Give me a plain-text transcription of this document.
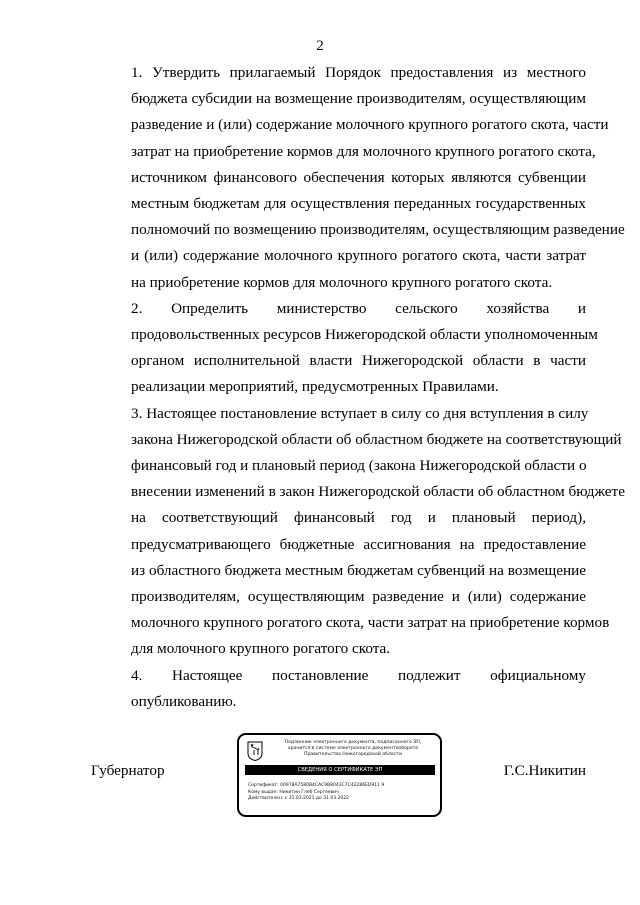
2

1. Утвердить прилагаемый Порядок предоставления из местного
бюджета субсидии на возмещение производителям, осуществляющим
разведение и (или) содержание молочного крупного рогатого скота, части
затрат на приобретение кормов для молочного крупного рогатого скота,
источником финансового обеспечения которых являются субвенции
местным бюджетам для осуществления переданных государственных
полномочий по возмещению производителям, осуществляющим разведение
и (или) содержание молочного крупного рогатого скота, части затрат
на приобретение кормов для молочного крупного рогатого скота.

2. Определить министерство сельского хозяйства и
продовольственных ресурсов Нижегородской области уполномоченным
органом исполнительной власти Нижегородской области в части
реализации мероприятий, предусмотренных Правилами.

3. Настоящее постановление вступает в силу со дня вступления в силу
закона Нижегородской области об областном бюджете на соответствующий
финансовый год и плановый период (закона Нижегородской области о
внесении изменений в закон Нижегородской области об областном бюджете
на соответствующий финансовый год и плановый период),
предусматривающего бюджетные ассигнования на предоставление
из областного бюджета местным бюджетам субвенций на возмещение
производителям, осуществляющим разведение и (или) содержание
молочного крупного рогатого скота, части затрат на приобретение кормов
для молочного крупного рогатого скота.

4. Настоящее постановление подлежит официальному
опубликованию.

Губернатор	Г.С.Никитин
Подлинник электронного документа, подписанного ЭП,
хранится в системе электронного документооборота
Правительства Нижегородской области
СВЕДЕНИЯ О СЕРТИФИКАТЕ ЭП
Сертификат: 00978A7580B4CAC9B8043C7C42286ED911 9
Кому выдан: Никитин Глеб Сергеевич
Действителен: с 31.03.2021 до 31.03.2022
